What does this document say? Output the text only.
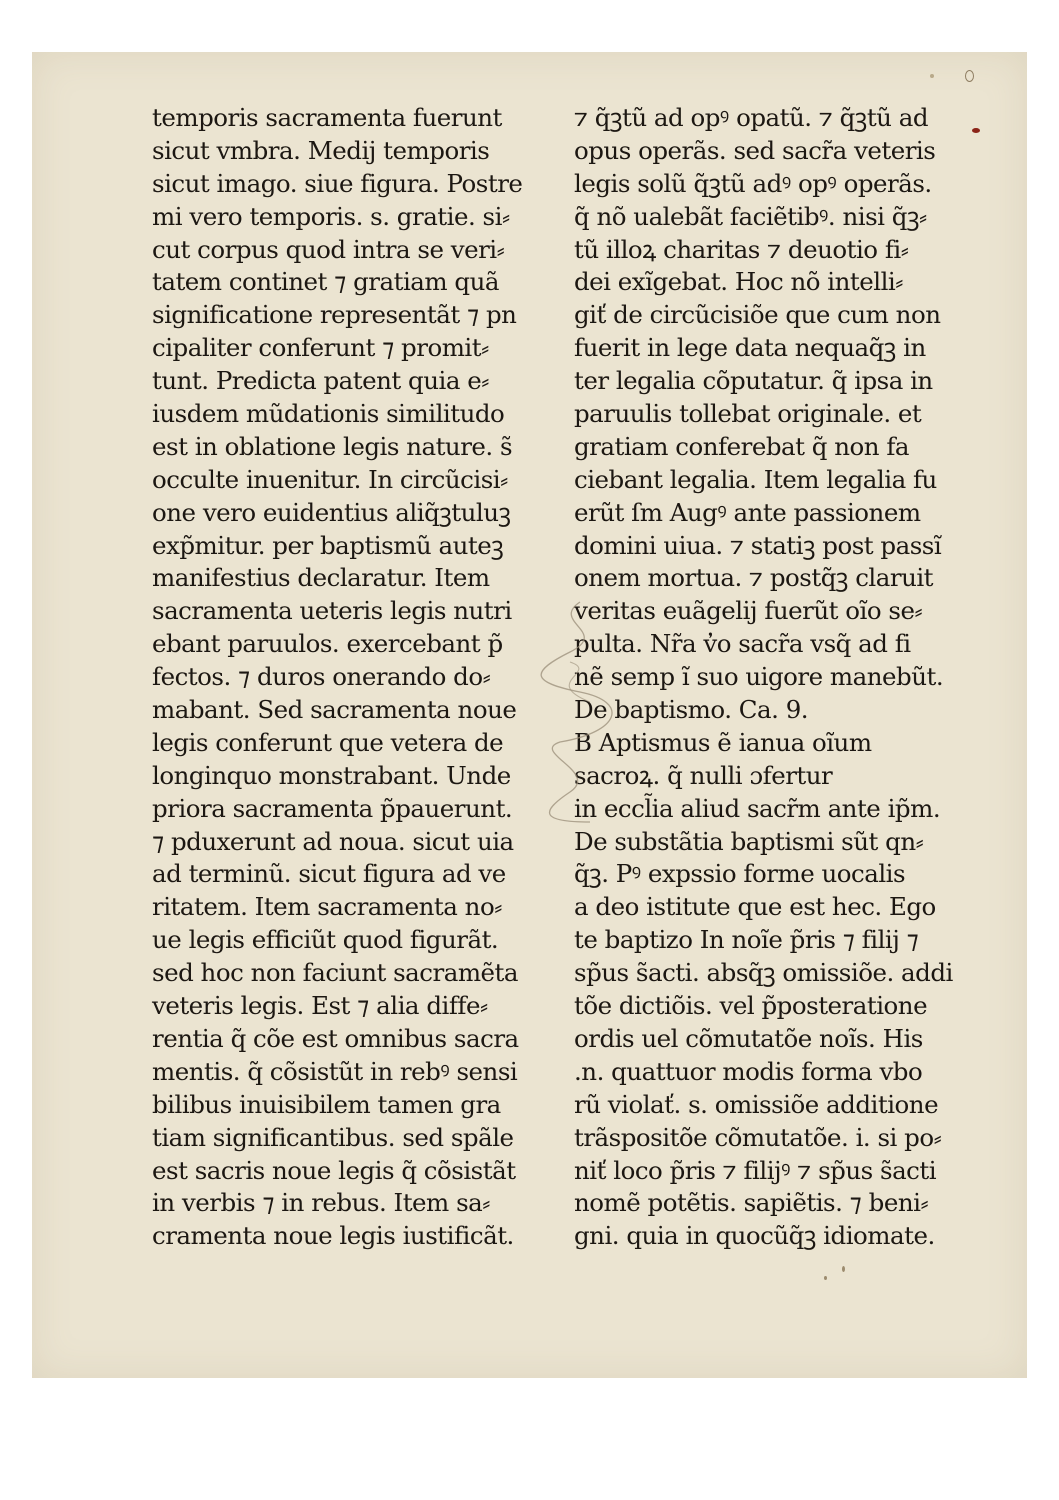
temporis sacramenta fuerunt
sicut vmbra. Medij temporis
sicut imago. siue figura. Postre
mi vero temporis. s. gratie. si⸗
cut corpus quod intra se veri⸗
tatem continet ⁊ gratiam quã
significatione representãt ⁊ pn
cipaliter conferunt ⁊ promit⸗
tunt. Predicta patent quia e⸗
iusdem mũdationis similitudo
est in oblatione legis nature. s̃
occulte inuenitur. In circũcisi⸗
one vero euidentius aliq̃ꝫtuluꝫ
exp̃mitur. per baptismũ auteꝫ
manifestius declaratur. Item
sacramenta ueteris legis nutri
ebant paruulos. exercebant p̃
fectos. ⁊ duros onerando do⸗
mabant. Sed sacramenta noue
legis conferunt que vetera de
longinquo monstrabant. Unde
priora sacramenta p̃pauerunt.
⁊ pduxerunt ad noua. sicut uia
ad terminũ. sicut figura ad ve
ritatem. Item sacramenta no⸗
ue legis efficiũt quod figurãt.
sed hoc non faciunt sacramẽta
veteris legis. Est ⁊ alia diffe⸗
rentia q̃ cõe est omnibus sacra
mentis. q̃ cõsistũt in rebꝰ sensi
bilibus inuisibilem tamen gra
tiam significantibus. sed spãle
est sacris noue legis q̃ cõsistãt
in verbis ⁊ in rebus. Item sa⸗
cramenta noue legis iustificãt.
⁊ q̃ꝫtũ ad opꝰ opatũ. ⁊ q̃ꝫtũ ad
opus operãs. sed sacr̃a veteris
legis solũ q̃ꝫtũ adꝰ opꝰ operãs.
q̃ nõ ualebãt faciẽtibꝰ. nisi q̃ꝫ⸗
tũ illoꝝ charitas ⁊ deuotio fi⸗
dei exĩgebat. Hoc nõ intelli⸗
giť de circũcisiõe que cum non
fuerit in lege data nequaq̃ꝫ in
ter legalia cõputatur. q̃ ipsa in
paruulis tollebat originale. et
gratiam conferebat q̃ non fa
ciebant legalia. Item legalia fu
erũt ſm Augꝰ ante passionem
domini uiua. ⁊ statiꝫ post passĩ
onem mortua. ⁊ postq̃ꝫ claruit
veritas euãgelij fuerũt oĩo se⸗
pulta. Nr̃a v̓o sacr̃a vsq̃ ad fi
nẽ semp ĩ suo uigore manebũt.
De baptismo. Ca. 9.
B Aptismus ẽ ianua oĩum
sacroꝝ. q̃ nulli ɔfertur
in eccl̃ia aliud sacr̃m ante ip̃m.
De substãtia baptismi sũt qn⸗
q̃ꝫ. Pꝰ expssio forme uocalis
a deo istitute que est hec. Ego
te baptizo In noĩe p̃ris ⁊ filij ⁊
sp̃us s̃acti. absq̃ꝫ omissiõe. addi
tõe dictiõis. vel p̃posteratione
ordis uel cõmutatõe noĩs. His
.n. quattuor modis forma vbo
rũ violať. s. omissiõe additione
trãspositõe cõmutatõe. i. si po⸗
niť loco p̃ris ⁊ filijꝰ ⁊ sp̃us s̃acti
nomẽ potẽtis. sapiẽtis. ⁊ beni⸗
gni. quia in quocũq̃ꝫ idiomate.
